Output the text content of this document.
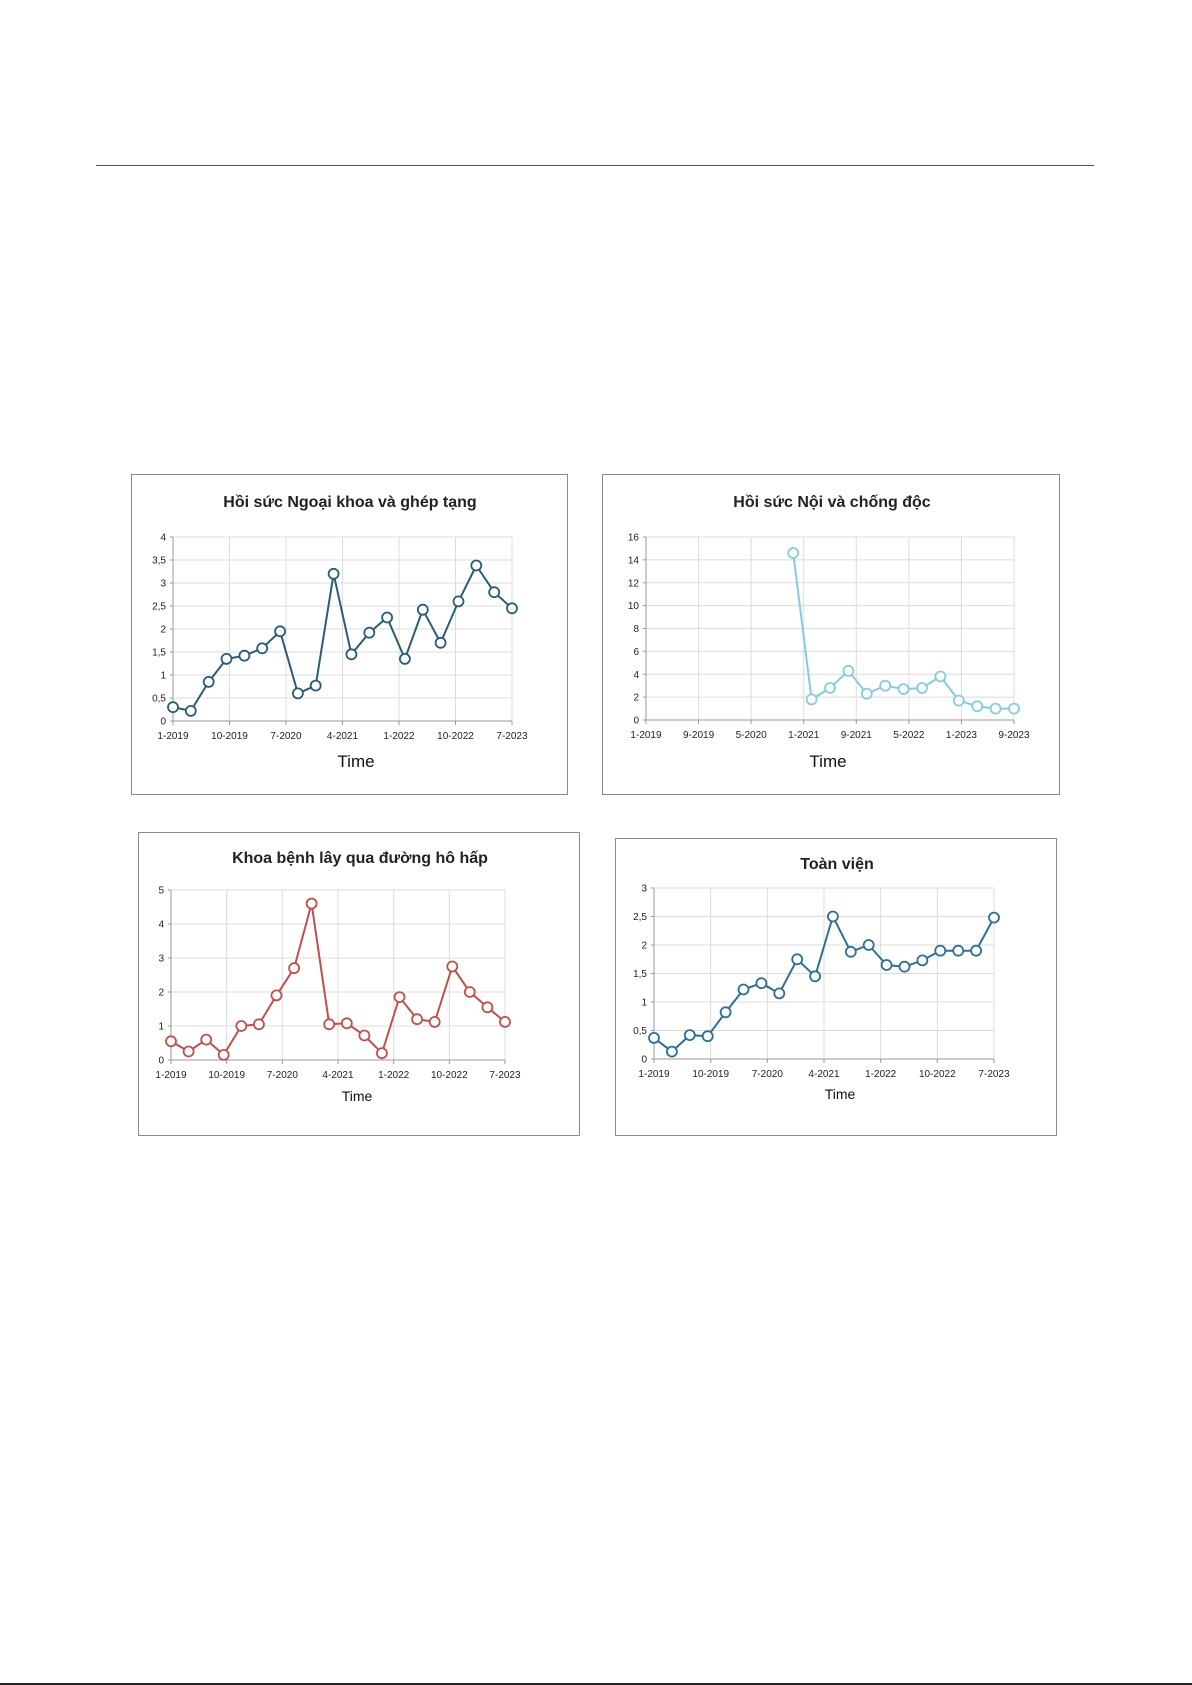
Hồi sức Ngoại khoa và ghép tạng
Time
0
0,5
1
1,5
2
2,5
3
3,5
4
1-2019 10-2019 7-2020	4-2021	1-2022 10-2022 7-2023
Hồi sức Nội và chống độc
Time
0
2
4
6
8
10
12
14
16
1-2019 9-2019 5-2020 1-2021 9-2021 5-2022 1-2023 9-2023
Khoa bệnh lây qua đường hô hấp
Time
0
1
2
3
4
5
1-2019 10-2019 7-2020 4-2021 1-2022 10-2022 7-2023
Toàn viện
Time
0
0,5
1
1,5
2
2,5
3
1-2019 10-2019 7-2020	4-2021	1-2022 10-2022 7-2023
